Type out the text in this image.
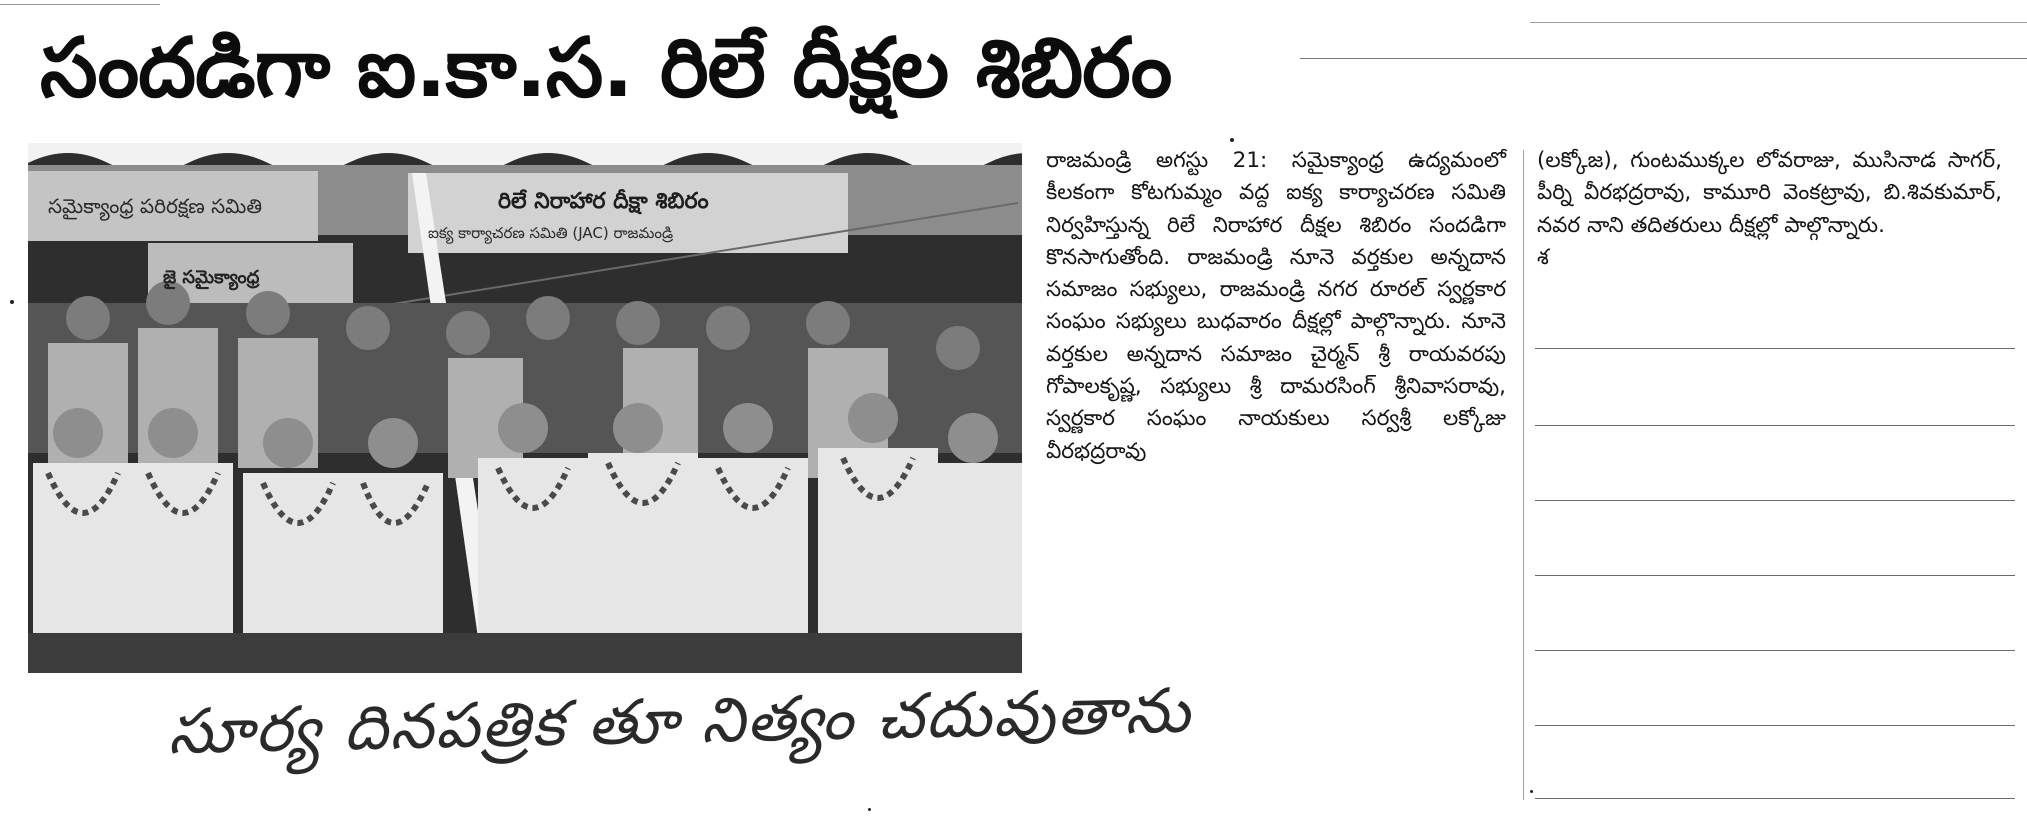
సందడిగా ఐ.కా.స. రిలే దీక్షల శిబిరం
సమైక్యాంధ్ర పరిరక్షణ సమితి	రిలే నిరాహార దీక్షా శిబిరం
ఐక్య కార్యాచరణ సమితి (JAC) రాజమండ్రి
జై సమైక్యాంధ్ర

రాజమండ్రి అగస్టు 21: సమైక్యాంధ్ర ఉద్యమంలో కీలకంగా కోటగుమ్మం వద్ద ఐక్య కార్యాచరణ సమితి నిర్వహిస్తున్న రిలే నిరాహార దీక్షల శిబిరం సందడిగా కొనసాగుతోంది. రాజమండ్రి నూనె వర్తకుల అన్నదాన సమాజం సభ్యులు, రాజమండ్రి నగర రూరల్ స్వర్ణకార సంఘం సభ్యులు బుధవారం దీక్షల్లో పాల్గొన్నారు. నూనె వర్తకుల అన్నదాన సమాజం చైర్మన్ శ్రీ రాయవరపు గోపాలకృష్ణ, సభ్యులు శ్రీ దామరసింగ్ శ్రీనివాసరావు, స్వర్ణకార సంఘం నాయకులు సర్వశ్రీ లక్కోజు వీరభద్రరావు

(లక్కోజ), గుంటముక్కల లోవరాజు, ముసినాడ సాగర్, పీర్ని వీరభద్రరావు, కామూరి వెంకట్రావు, బి.శివకుమార్, నవర నాని తదితరులు దీక్షల్లో పాల్గొన్నారు.

శ

సూర్య దినపత్రిక తూ నిత్యం చదువుతాను
